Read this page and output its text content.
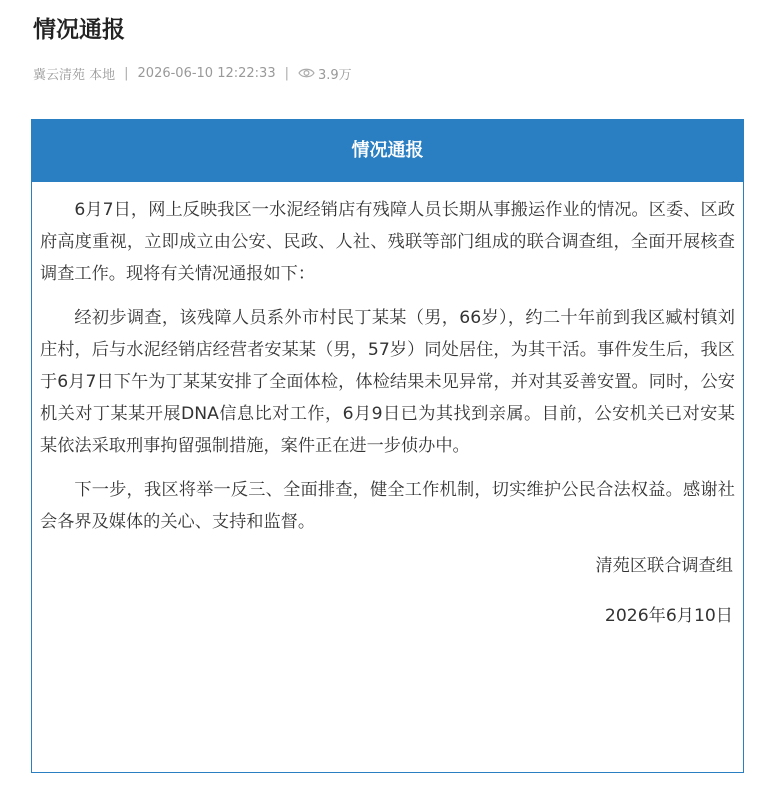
情况通报
冀云清苑 本地 | 2026-06-10 12:22:33 | 3.9万
情况通报

6月7日，网上反映我区一水泥经销店有残障人员长期从事搬运作业的情况。区委、区政府高度重视，立即成立由公安、民政、人社、残联等部门组成的联合调查组，全面开展核查调查工作。现将有关情况通报如下：

经初步调查，该残障人员系外市村民丁某某（男，66岁），约二十年前到我区臧村镇刘庄村，后与水泥经销店经营者安某某（男，57岁）同处居住，为其干活。事件发生后，我区于6月7日下午为丁某某安排了全面体检，体检结果未见异常，并对其妥善安置。同时，公安机关对丁某某开展DNA信息比对工作，6月9日已为其找到亲属。目前，公安机关已对安某某依法采取刑事拘留强制措施，案件正在进一步侦办中。

下一步，我区将举一反三、全面排查，健全工作机制，切实维护公民合法权益。感谢社会各界及媒体的关心、支持和监督。

清苑区联合调查组
2026年6月10日
